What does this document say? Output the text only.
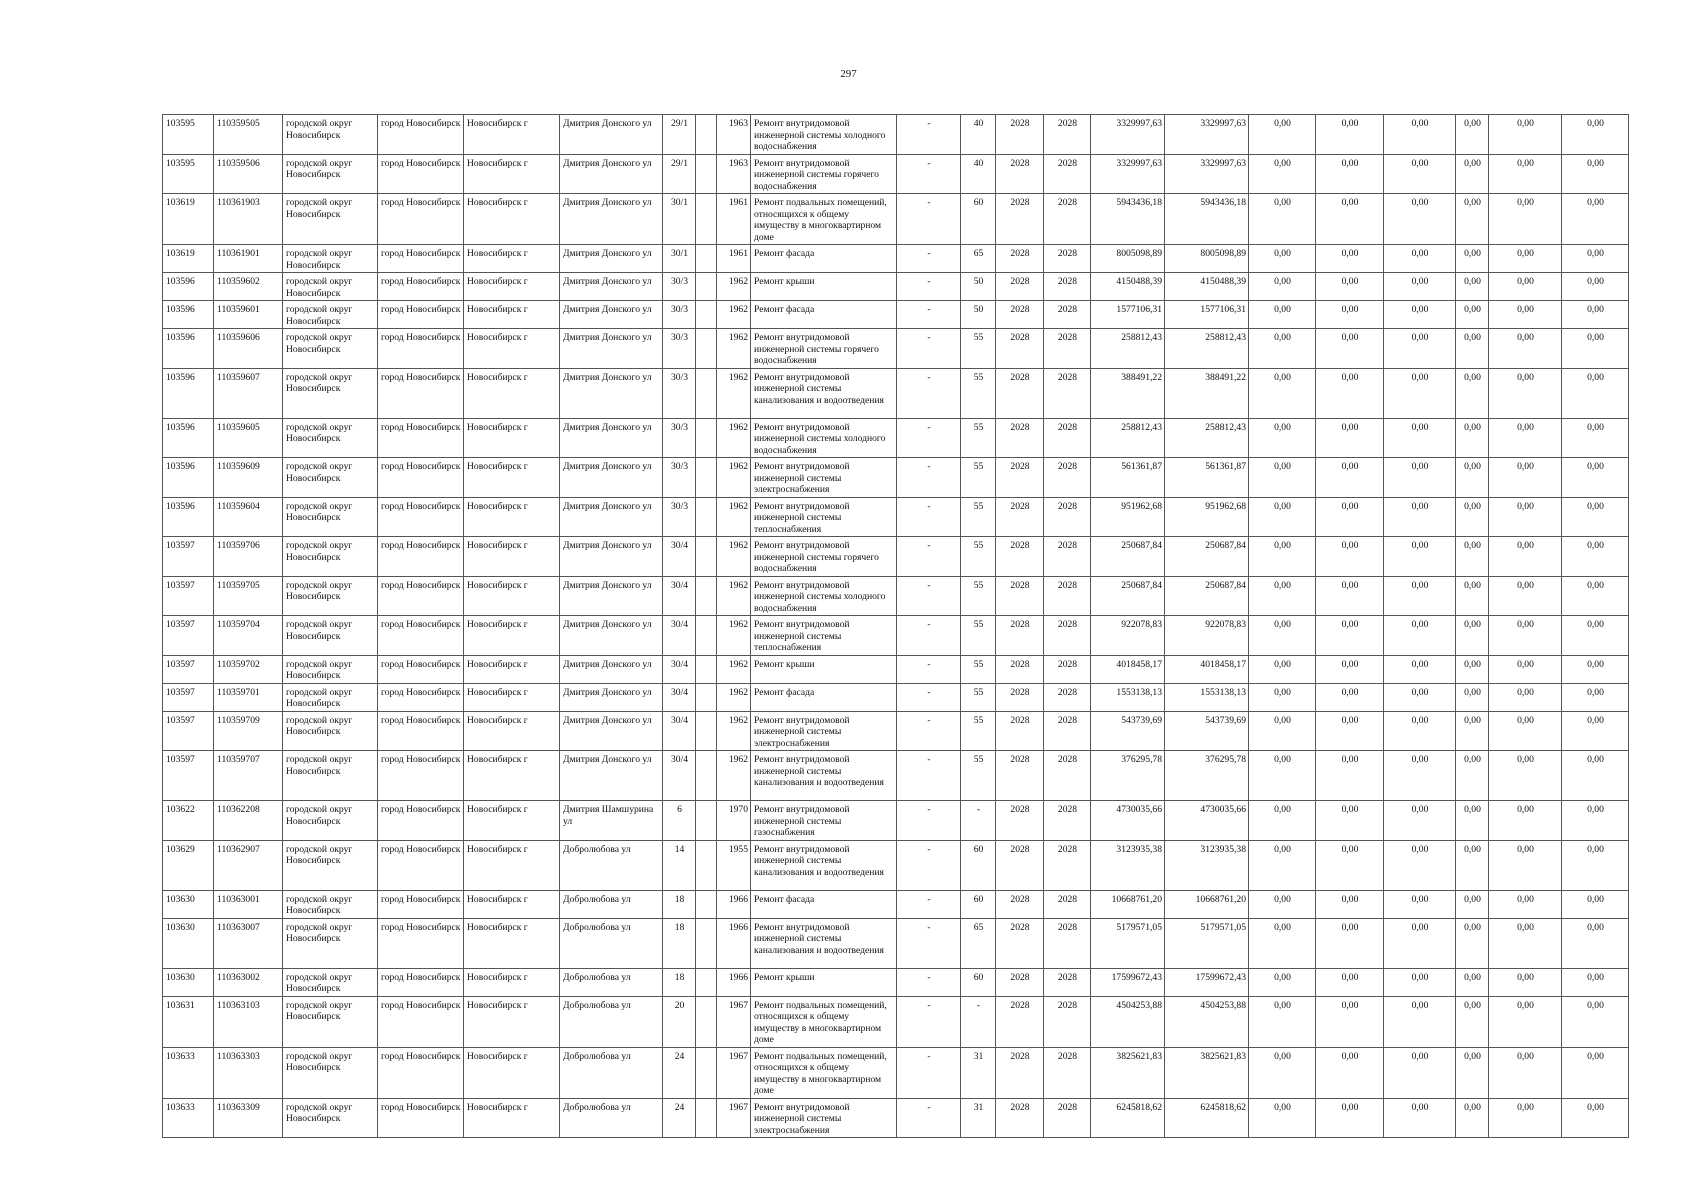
297
103595	110359505	городской округ Новосибирск	город Новосибирск	Новосибирск г	Дмитрия Донского ул	29/1		1963	Ремонт внутридомовой инженерной системы холодного водоснабжения	-	40	2028	2028	3329997,63	3329997,63	0,00	0,00	0,00	0,00	0,00	0,00
103595	110359506	городской округ Новосибирск	город Новосибирск	Новосибирск г	Дмитрия Донского ул	29/1		1963	Ремонт внутридомовой инженерной системы горячего водоснабжения	-	40	2028	2028	3329997,63	3329997,63	0,00	0,00	0,00	0,00	0,00	0,00
103619	110361903	городской округ Новосибирск	город Новосибирск	Новосибирск г	Дмитрия Донского ул	30/1		1961	Ремонт подвальных помещений, относящихся к общему имуществу в многоквартирном доме	-	60	2028	2028	5943436,18	5943436,18	0,00	0,00	0,00	0,00	0,00	0,00
103619	110361901	городской округ Новосибирск	город Новосибирск	Новосибирск г	Дмитрия Донского ул	30/1		1961	Ремонт фасада	-	65	2028	2028	8005098,89	8005098,89	0,00	0,00	0,00	0,00	0,00	0,00
103596	110359602	городской округ Новосибирск	город Новосибирск	Новосибирск г	Дмитрия Донского ул	30/3		1962	Ремонт крыши	-	50	2028	2028	4150488,39	4150488,39	0,00	0,00	0,00	0,00	0,00	0,00
103596	110359601	городской округ Новосибирск	город Новосибирск	Новосибирск г	Дмитрия Донского ул	30/3		1962	Ремонт фасада	-	50	2028	2028	1577106,31	1577106,31	0,00	0,00	0,00	0,00	0,00	0,00
103596	110359606	городской округ Новосибирск	город Новосибирск	Новосибирск г	Дмитрия Донского ул	30/3		1962	Ремонт внутридомовой инженерной системы горячего водоснабжения	-	55	2028	2028	258812,43	258812,43	0,00	0,00	0,00	0,00	0,00	0,00
103596	110359607	городской округ Новосибирск	город Новосибирск	Новосибирск г	Дмитрия Донского ул	30/3		1962	Ремонт внутридомовой инженерной системы канализования и водоотведения	-	55	2028	2028	388491,22	388491,22	0,00	0,00	0,00	0,00	0,00	0,00
103596	110359605	городской округ Новосибирск	город Новосибирск	Новосибирск г	Дмитрия Донского ул	30/3		1962	Ремонт внутридомовой инженерной системы холодного водоснабжения	-	55	2028	2028	258812,43	258812,43	0,00	0,00	0,00	0,00	0,00	0,00
103596	110359609	городской округ Новосибирск	город Новосибирск	Новосибирск г	Дмитрия Донского ул	30/3		1962	Ремонт внутридомовой инженерной системы электроснабжения	-	55	2028	2028	561361,87	561361,87	0,00	0,00	0,00	0,00	0,00	0,00
103596	110359604	городской округ Новосибирск	город Новосибирск	Новосибирск г	Дмитрия Донского ул	30/3		1962	Ремонт внутридомовой инженерной системы теплоснабжения	-	55	2028	2028	951962,68	951962,68	0,00	0,00	0,00	0,00	0,00	0,00
103597	110359706	городской округ Новосибирск	город Новосибирск	Новосибирск г	Дмитрия Донского ул	30/4		1962	Ремонт внутридомовой инженерной системы горячего водоснабжения	-	55	2028	2028	250687,84	250687,84	0,00	0,00	0,00	0,00	0,00	0,00
103597	110359705	городской округ Новосибирск	город Новосибирск	Новосибирск г	Дмитрия Донского ул	30/4		1962	Ремонт внутридомовой инженерной системы холодного водоснабжения	-	55	2028	2028	250687,84	250687,84	0,00	0,00	0,00	0,00	0,00	0,00
103597	110359704	городской округ Новосибирск	город Новосибирск	Новосибирск г	Дмитрия Донского ул	30/4		1962	Ремонт внутридомовой инженерной системы теплоснабжения	-	55	2028	2028	922078,83	922078,83	0,00	0,00	0,00	0,00	0,00	0,00
103597	110359702	городской округ Новосибирск	город Новосибирск	Новосибирск г	Дмитрия Донского ул	30/4		1962	Ремонт крыши	-	55	2028	2028	4018458,17	4018458,17	0,00	0,00	0,00	0,00	0,00	0,00
103597	110359701	городской округ Новосибирск	город Новосибирск	Новосибирск г	Дмитрия Донского ул	30/4		1962	Ремонт фасада	-	55	2028	2028	1553138,13	1553138,13	0,00	0,00	0,00	0,00	0,00	0,00
103597	110359709	городской округ Новосибирск	город Новосибирск	Новосибирск г	Дмитрия Донского ул	30/4		1962	Ремонт внутридомовой инженерной системы электроснабжения	-	55	2028	2028	543739,69	543739,69	0,00	0,00	0,00	0,00	0,00	0,00
103597	110359707	городской округ Новосибирск	город Новосибирск	Новосибирск г	Дмитрия Донского ул	30/4		1962	Ремонт внутридомовой инженерной системы канализования и водоотведения	-	55	2028	2028	376295,78	376295,78	0,00	0,00	0,00	0,00	0,00	0,00
103622	110362208	городской округ Новосибирск	город Новосибирск	Новосибирск г	Дмитрия Шамшурина ул	6		1970	Ремонт внутридомовой инженерной системы газоснабжения	-	-	2028	2028	4730035,66	4730035,66	0,00	0,00	0,00	0,00	0,00	0,00
103629	110362907	городской округ Новосибирск	город Новосибирск	Новосибирск г	Добролюбова ул	14		1955	Ремонт внутридомовой инженерной системы канализования и водоотведения	-	60	2028	2028	3123935,38	3123935,38	0,00	0,00	0,00	0,00	0,00	0,00
103630	110363001	городской округ Новосибирск	город Новосибирск	Новосибирск г	Добролюбова ул	18		1966	Ремонт фасада	-	60	2028	2028	10668761,20	10668761,20	0,00	0,00	0,00	0,00	0,00	0,00
103630	110363007	городской округ Новосибирск	город Новосибирск	Новосибирск г	Добролюбова ул	18		1966	Ремонт внутридомовой инженерной системы канализования и водоотведения	-	65	2028	2028	5179571,05	5179571,05	0,00	0,00	0,00	0,00	0,00	0,00
103630	110363002	городской округ Новосибирск	город Новосибирск	Новосибирск г	Добролюбова ул	18		1966	Ремонт крыши	-	60	2028	2028	17599672,43	17599672,43	0,00	0,00	0,00	0,00	0,00	0,00
103631	110363103	городской округ Новосибирск	город Новосибирск	Новосибирск г	Добролюбова ул	20		1967	Ремонт подвальных помещений, относящихся к общему имуществу в многоквартирном доме	-	-	2028	2028	4504253,88	4504253,88	0,00	0,00	0,00	0,00	0,00	0,00
103633	110363303	городской округ Новосибирск	город Новосибирск	Новосибирск г	Добролюбова ул	24		1967	Ремонт подвальных помещений, относящихся к общему имуществу в многоквартирном доме	-	31	2028	2028	3825621,83	3825621,83	0,00	0,00	0,00	0,00	0,00	0,00
103633	110363309	городской округ Новосибирск	город Новосибирск	Новосибирск г	Добролюбова ул	24		1967	Ремонт внутридомовой инженерной системы электроснабжения	-	31	2028	2028	6245818,62	6245818,62	0,00	0,00	0,00	0,00	0,00	0,00
